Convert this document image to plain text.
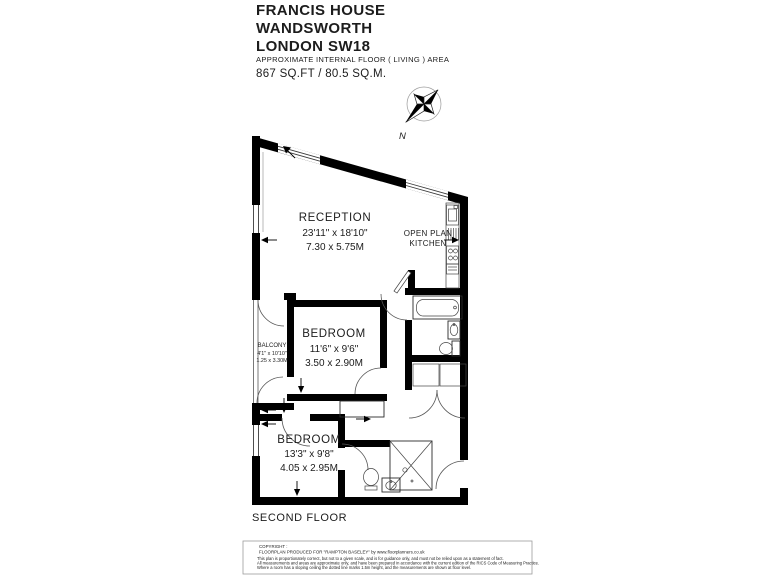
FRANCIS HOUSE
WANDSWORTH
LONDON SW18
APPROXIMATE INTERNAL FLOOR ( LIVING ) AREA
867 SQ.FT / 80.5 SQ.M.
N
RECEPTION
23'11" x 18'10"
7.30 x 5.75M
OPEN PLAN
KITCHEN
BALCONY
4'1" x 10'10"
1.25 x 3.30M
BEDROOM
11'6" x 9'6"
3.50 x 2.90M
BEDROOM
13'3" x 9'8"
4.05 x 2.95M
SECOND FLOOR
COPYRIGHT :
FLOORPLAN PRODUCED FOR "RAMPTON BASELEY" by www.floorplanners.co.uk
This plan is proportionately correct, but not to a given scale, and is for guidance only, and must not be relied upon as a statement of fact.
All measurements and areas are approximate only, and have been prepared in accordance with the current edition of the RICS Code of Measuring Practice.
Where a room has a sloping ceiling the dotted line marks 1.5m height, and the measurements are shown at floor level.
